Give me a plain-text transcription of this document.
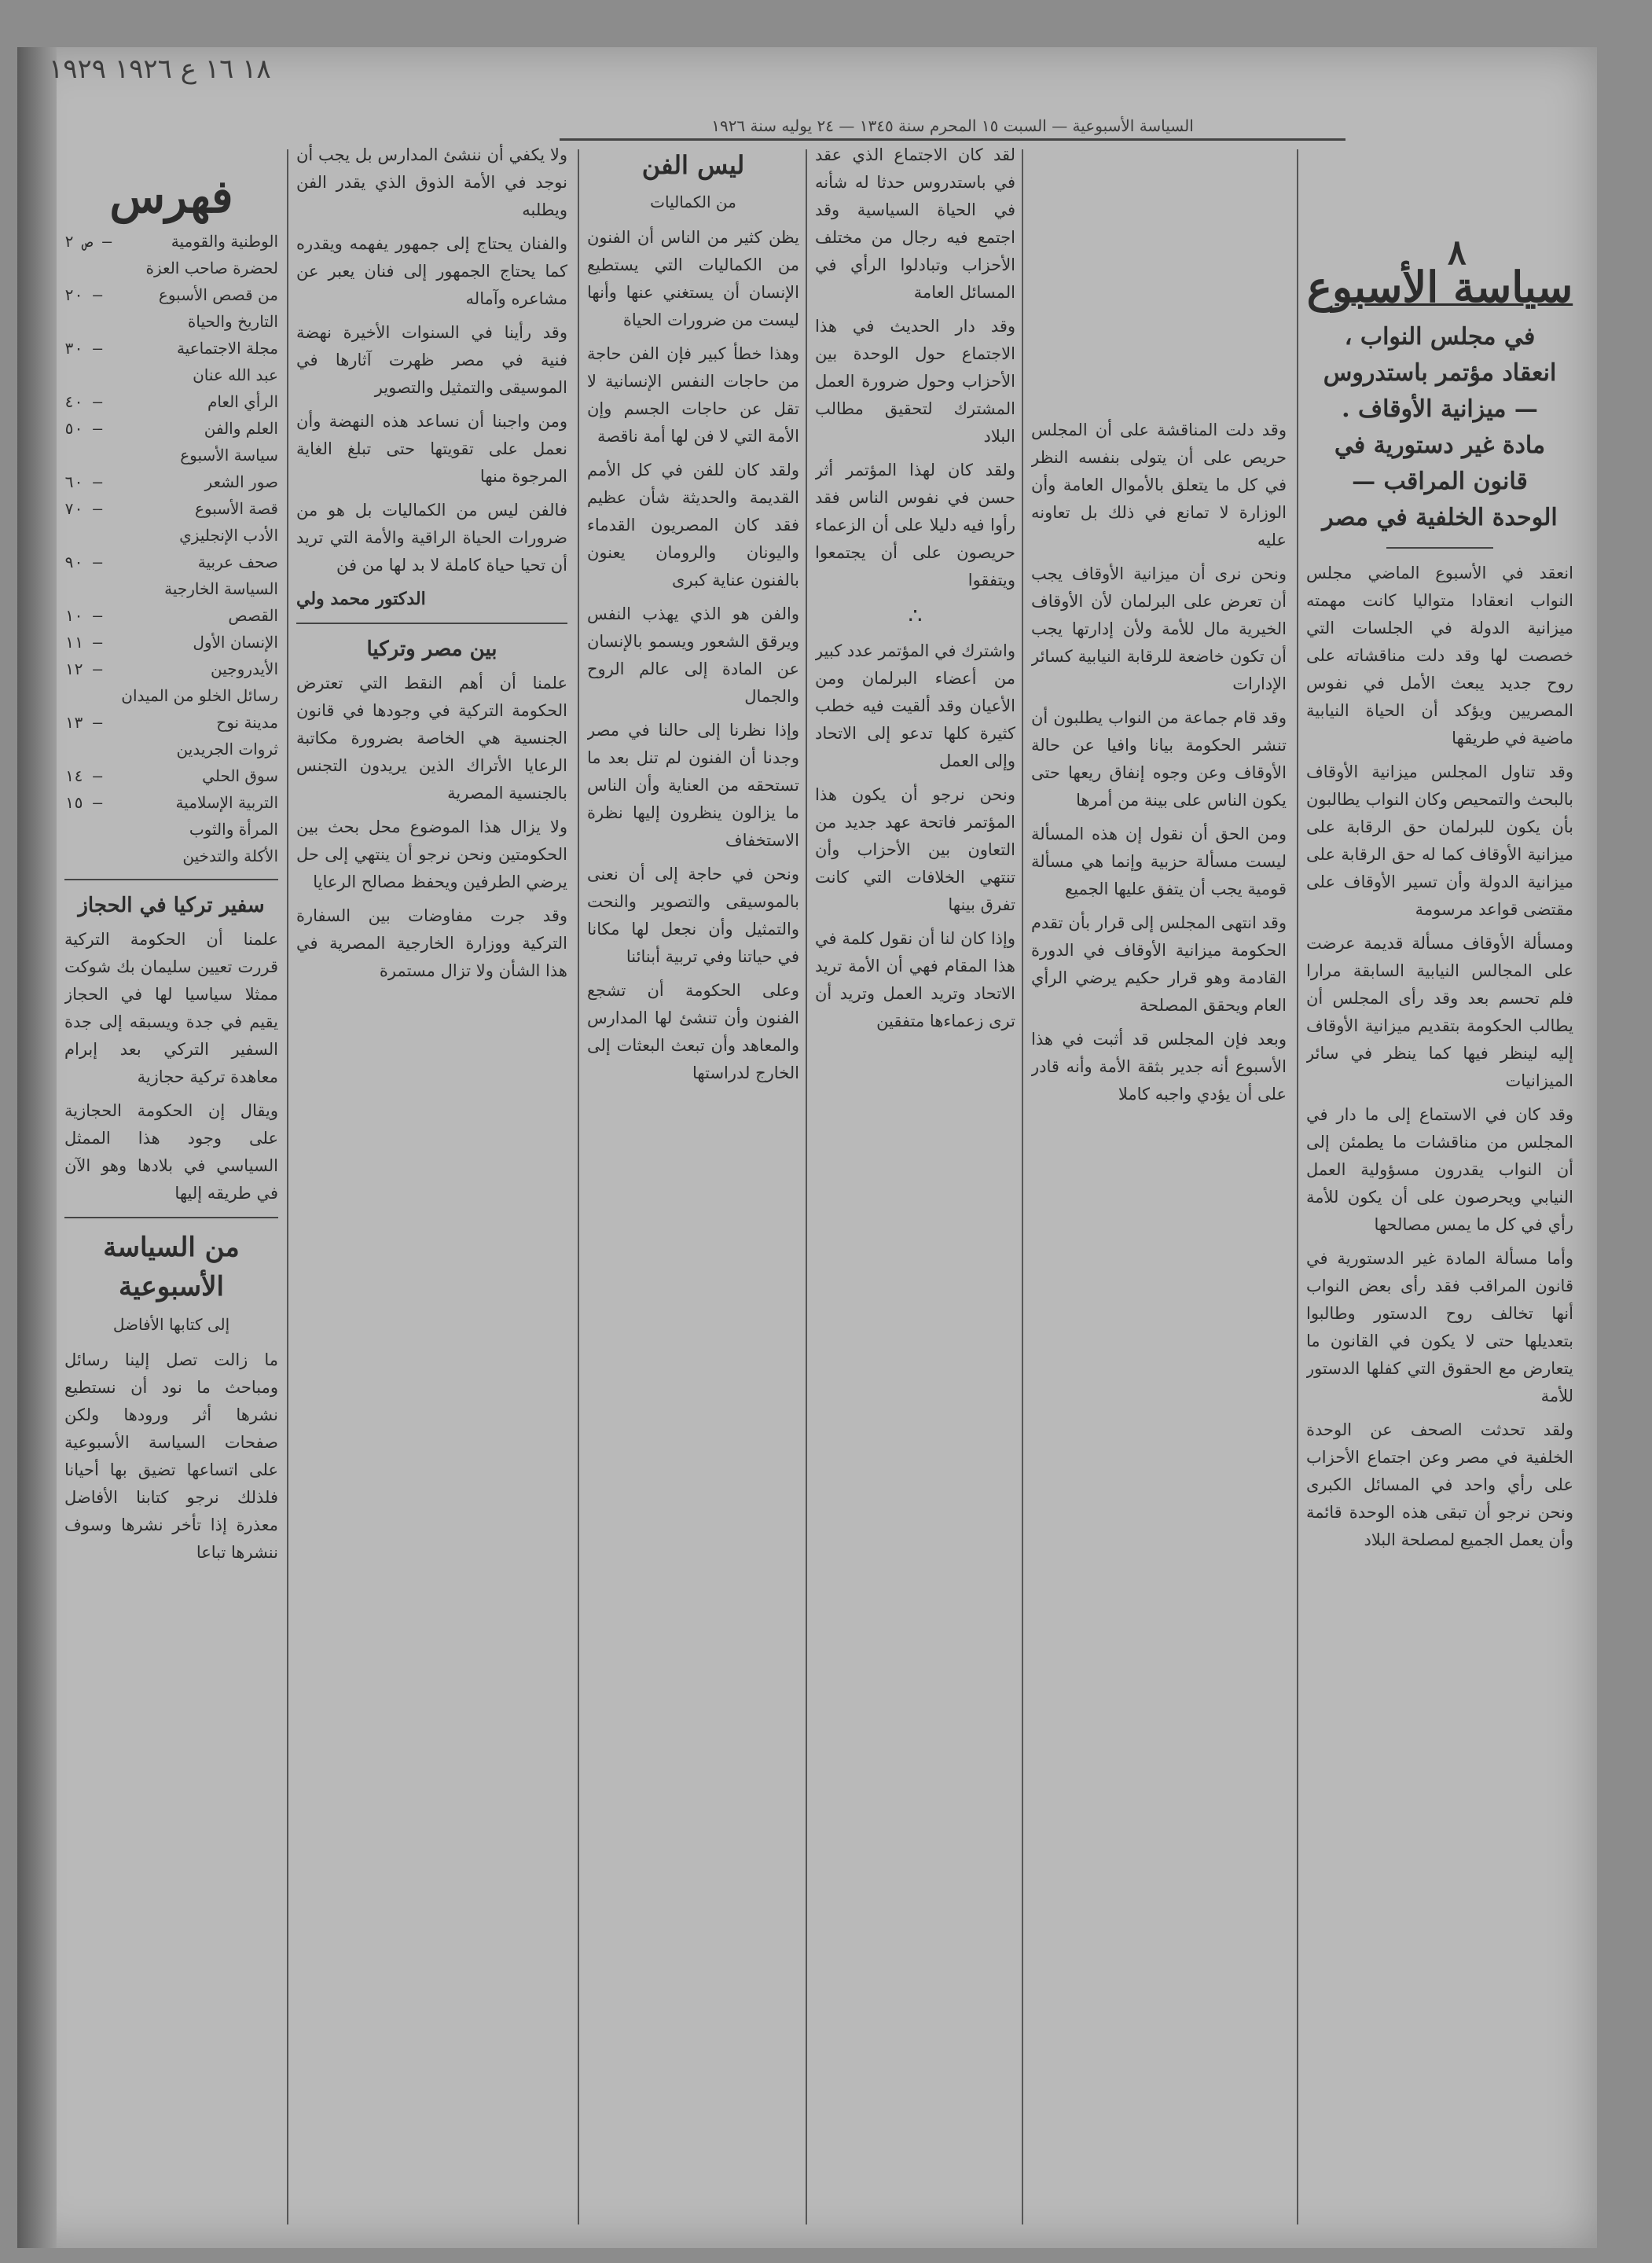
١٨ ١٦ ع ١٩٢٦ ١٩٢٩
السياسة الأسبوعية — السبت ١٥ المحرم سنة ١٣٤٥ — ٢٤ يوليه سنة ١٩٢٦
٨
سياسة الأسبوع
في مجلس النواب ، انعقاد مؤتمر باستدروس — ميزانية الأوقاف . مادة غير دستورية في قانون المراقب — الوحدة الخلفية في مصر

انعقد في الأسبوع الماضي مجلس النواب انعقادا متواليا كانت مهمته ميزانية الدولة في الجلسات التي خصصت لها وقد دلت مناقشاته على روح جديد يبعث الأمل في نفوس المصريين ويؤكد أن الحياة النيابية ماضية في طريقها

وقد تناول المجلس ميزانية الأوقاف بالبحث والتمحيص وكان النواب يطالبون بأن يكون للبرلمان حق الرقابة على ميزانية الأوقاف كما له حق الرقابة على ميزانية الدولة وأن تسير الأوقاف على مقتضى قواعد مرسومة

ومسألة الأوقاف مسألة قديمة عرضت على المجالس النيابية السابقة مرارا فلم تحسم بعد وقد رأى المجلس أن يطالب الحكومة بتقديم ميزانية الأوقاف إليه لينظر فيها كما ينظر في سائر الميزانيات

وقد كان في الاستماع إلى ما دار في المجلس من مناقشات ما يطمئن إلى أن النواب يقدرون مسؤولية العمل النيابي ويحرصون على أن يكون للأمة رأي في كل ما يمس مصالحها

وأما مسألة المادة غير الدستورية في قانون المراقب فقد رأى بعض النواب أنها تخالف روح الدستور وطالبوا بتعديلها حتى لا يكون في القانون ما يتعارض مع الحقوق التي كفلها الدستور للأمة

ولقد تحدثت الصحف عن الوحدة الخلفية في مصر وعن اجتماع الأحزاب على رأي واحد في المسائل الكبرى ونحن نرجو أن تبقى هذه الوحدة قائمة وأن يعمل الجميع لمصلحة البلاد

وقد دلت المناقشة على أن المجلس حريص على أن يتولى بنفسه النظر في كل ما يتعلق بالأموال العامة وأن الوزارة لا تمانع في ذلك بل تعاونه عليه

ونحن نرى أن ميزانية الأوقاف يجب أن تعرض على البرلمان لأن الأوقاف الخيرية مال للأمة ولأن إدارتها يجب أن تكون خاضعة للرقابة النيابية كسائر الإدارات

وقد قام جماعة من النواب يطلبون أن تنشر الحكومة بيانا وافيا عن حالة الأوقاف وعن وجوه إنفاق ريعها حتى يكون الناس على بينة من أمرها

ومن الحق أن نقول إن هذه المسألة ليست مسألة حزبية وإنما هي مسألة قومية يجب أن يتفق عليها الجميع

وقد انتهى المجلس إلى قرار بأن تقدم الحكومة ميزانية الأوقاف في الدورة القادمة وهو قرار حكيم يرضي الرأي العام ويحقق المصلحة

وبعد فإن المجلس قد أثبت في هذا الأسبوع أنه جدير بثقة الأمة وأنه قادر على أن يؤدي واجبه كاملا

لقد كان الاجتماع الذي عقد في باستدروس حدثا له شأنه في الحياة السياسية وقد اجتمع فيه رجال من مختلف الأحزاب وتبادلوا الرأي في المسائل العامة

وقد دار الحديث في هذا الاجتماع حول الوحدة بين الأحزاب وحول ضرورة العمل المشترك لتحقيق مطالب البلاد

ولقد كان لهذا المؤتمر أثر حسن في نفوس الناس فقد رأوا فيه دليلا على أن الزعماء حريصون على أن يجتمعوا ويتفقوا

∴

واشترك في المؤتمر عدد كبير من أعضاء البرلمان ومن الأعيان وقد ألقيت فيه خطب كثيرة كلها تدعو إلى الاتحاد وإلى العمل

ونحن نرجو أن يكون هذا المؤتمر فاتحة عهد جديد من التعاون بين الأحزاب وأن تنتهي الخلافات التي كانت تفرق بينها

وإذا كان لنا أن نقول كلمة في هذا المقام فهي أن الأمة تريد الاتحاد وتريد العمل وتريد أن ترى زعماءها متفقين

ليس الفن
من الكماليات

يظن كثير من الناس أن الفنون من الكماليات التي يستطيع الإنسان أن يستغني عنها وأنها ليست من ضرورات الحياة

وهذا خطأ كبير فإن الفن حاجة من حاجات النفس الإنسانية لا تقل عن حاجات الجسم وإن الأمة التي لا فن لها أمة ناقصة

ولقد كان للفن في كل الأمم القديمة والحديثة شأن عظيم فقد كان المصريون القدماء واليونان والرومان يعنون بالفنون عناية كبرى

والفن هو الذي يهذب النفس ويرقق الشعور ويسمو بالإنسان عن المادة إلى عالم الروح والجمال

وإذا نظرنا إلى حالنا في مصر وجدنا أن الفنون لم تنل بعد ما تستحقه من العناية وأن الناس ما يزالون ينظرون إليها نظرة الاستخفاف

ونحن في حاجة إلى أن نعنى بالموسيقى والتصوير والنحت والتمثيل وأن نجعل لها مكانا في حياتنا وفي تربية أبنائنا

وعلى الحكومة أن تشجع الفنون وأن تنشئ لها المدارس والمعاهد وأن تبعث البعثات إلى الخارج لدراستها

ولا يكفي أن ننشئ المدارس بل يجب أن نوجد في الأمة الذوق الذي يقدر الفن ويطلبه

والفنان يحتاج إلى جمهور يفهمه ويقدره كما يحتاج الجمهور إلى فنان يعبر عن مشاعره وآماله

وقد رأينا في السنوات الأخيرة نهضة فنية في مصر ظهرت آثارها في الموسيقى والتمثيل والتصوير

ومن واجبنا أن نساعد هذه النهضة وأن نعمل على تقويتها حتى تبلغ الغاية المرجوة منها

فالفن ليس من الكماليات بل هو من ضرورات الحياة الراقية والأمة التي تريد أن تحيا حياة كاملة لا بد لها من فن

الدكتور محمد ولي
بين مصر وتركيا

علمنا أن أهم النقط التي تعترض الحكومة التركية في وجودها في قانون الجنسية هي الخاصة بضرورة مكاتبة الرعايا الأتراك الذين يريدون التجنس بالجنسية المصرية

ولا يزال هذا الموضوع محل بحث بين الحكومتين ونحن نرجو أن ينتهي إلى حل يرضي الطرفين ويحفظ مصالح الرعايا

وقد جرت مفاوضات بين السفارة التركية ووزارة الخارجية المصرية في هذا الشأن ولا تزال مستمرة

فهرس
الوطنية والقومية
ص ٢ —
لحضرة صاحب العزة
من قصص الأسبوع
٢٠ —
التاريخ والحياة
مجلة الاجتماعية
٣٠ —
عبد الله عنان
الرأي العام
٤٠ —
العلم والفن
٥٠ —
سياسة الأسبوع
صور الشعر
٦٠ —
قصة الأسبوع
٧٠ —
الأدب الإنجليزي
صحف عربية
٩٠ —
السياسة الخارجية
القصص
١٠ —
الإنسان الأول
١١ —
الأيدروجين
١٢ —
رسائل الخلو من الميدان
مدينة نوح
١٣ —
ثروات الجريدين
سوق الحلي
١٤ —
التربية الإسلامية
١٥ —
المرأة والثوب
الأكلة والتدخين
سفير تركيا في الحجاز

علمنا أن الحكومة التركية قررت تعيين سليمان بك شوكت ممثلا سياسيا لها في الحجاز يقيم في جدة ويسبقه إلى جدة السفير التركي بعد إبرام معاهدة تركية حجازية

ويقال إن الحكومة الحجازية على وجود هذا الممثل السياسي في بلادها وهو الآن في طريقه إليها

من السياسة الأسبوعية
إلى كتابها الأفاضل

ما زالت تصل إلينا رسائل ومباحث ما نود أن نستطيع نشرها أثر ورودها ولكن صفحات السياسة الأسبوعية على اتساعها تضيق بها أحيانا فلذلك نرجو كتابنا الأفاضل معذرة إذا تأخر نشرها وسوف ننشرها تباعا
